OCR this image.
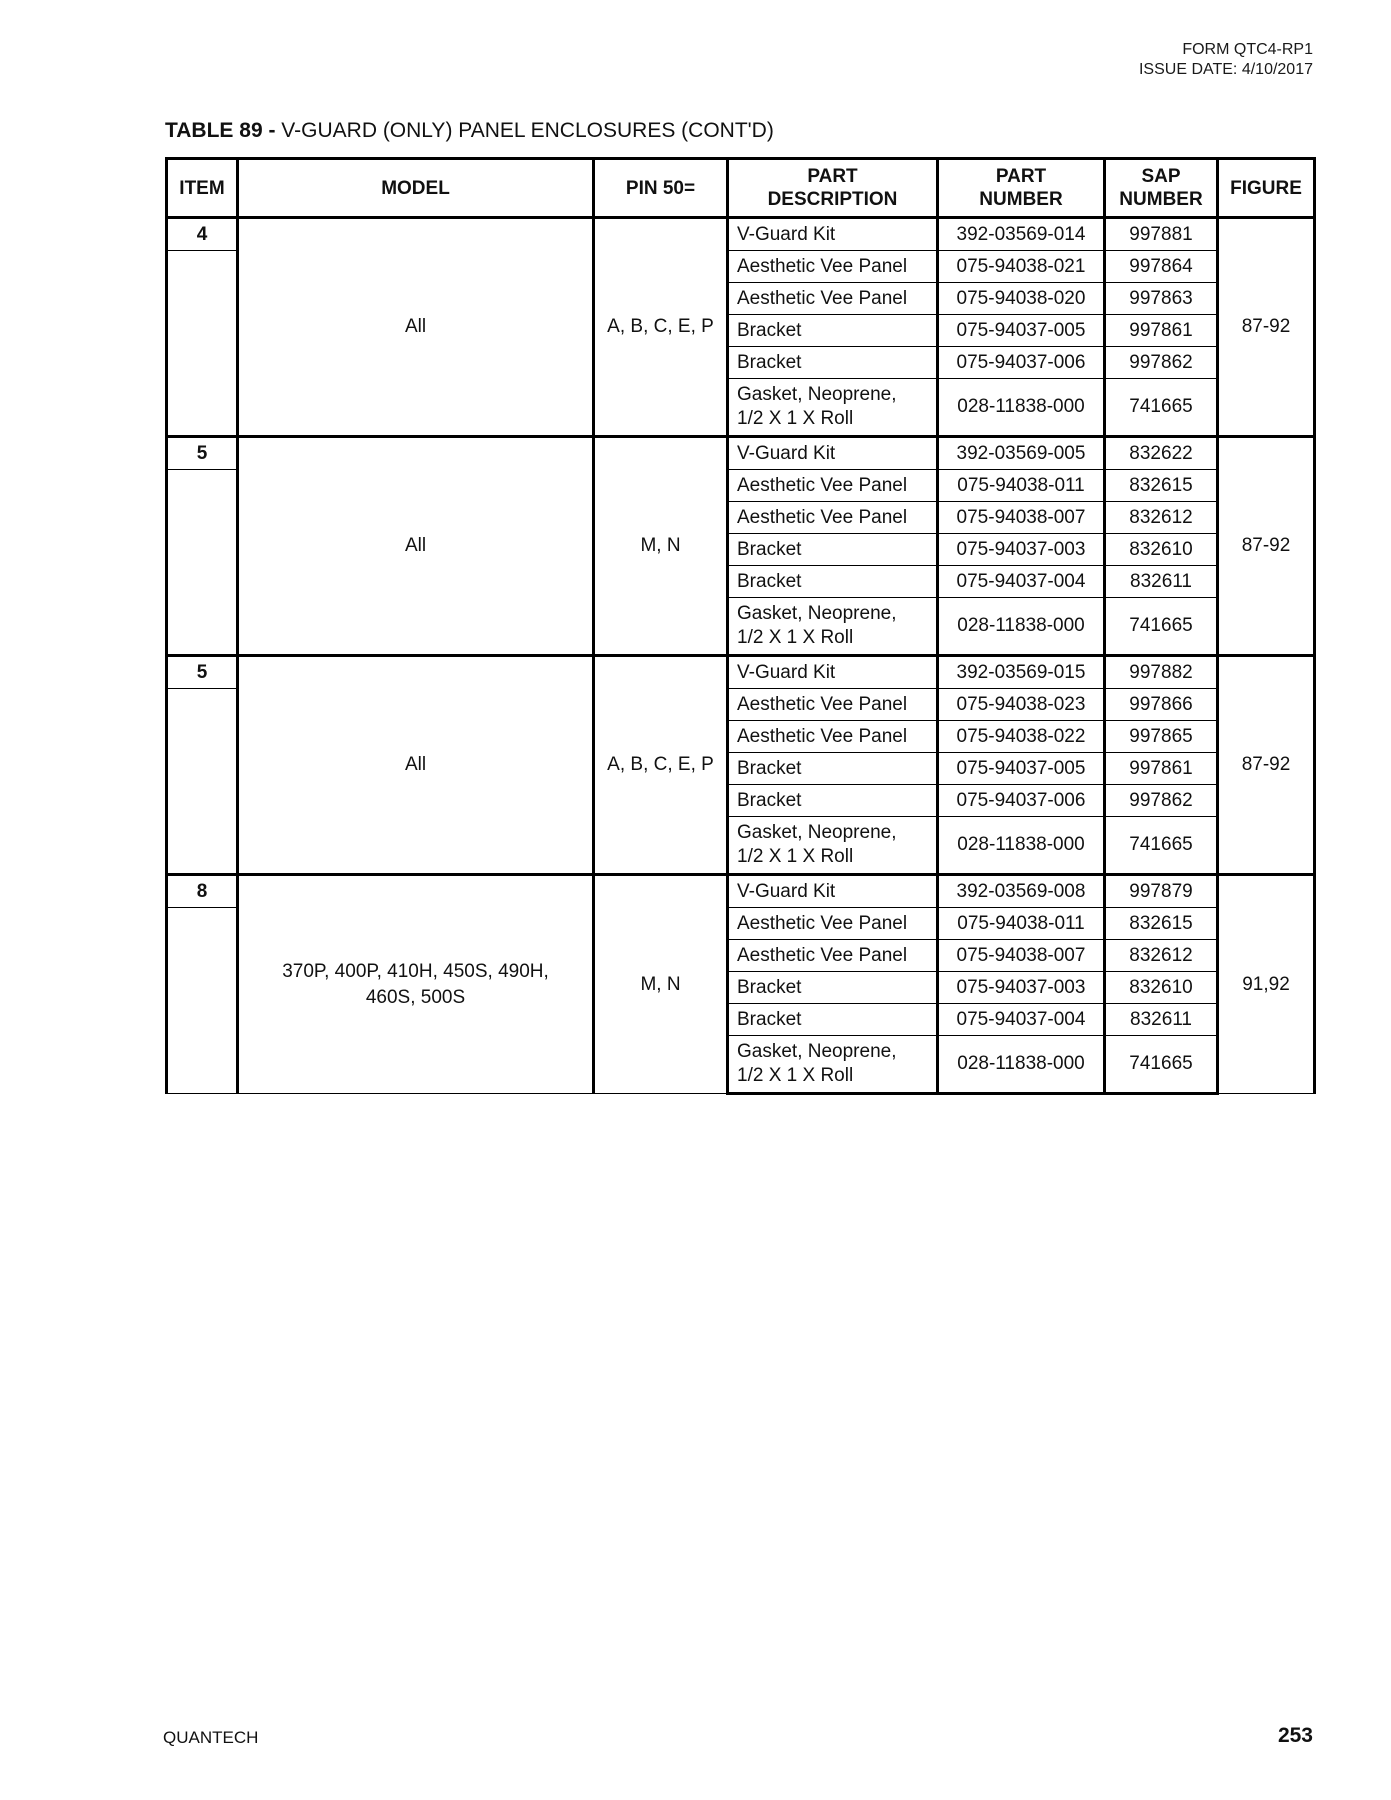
FORM QTC4-RP1
ISSUE DATE: 4/10/2017
TABLE 89 - V-GUARD (ONLY) PANEL ENCLOSURES (CONT'D)
ITEM	MODEL	PIN 50=	PART
DESCRIPTION	PART
NUMBER	SAP
NUMBER	FIGURE
4	All	A, B, C, E, P	V-Guard Kit	392-03569-014	997881	87-92
			Aesthetic Vee Panel	075-94038-021	997864	
			Aesthetic Vee Panel	075-94038-020	997863	
			Bracket	075-94037-005	997861	
			Bracket	075-94037-006	997862	
			Gasket, Neoprene,
1/2 X 1 X Roll	028-11838-000	741665	
5	All	M, N	V-Guard Kit	392-03569-005	832622	87-92
			Aesthetic Vee Panel	075-94038-011	832615	
			Aesthetic Vee Panel	075-94038-007	832612	
			Bracket	075-94037-003	832610	
			Bracket	075-94037-004	832611	
			Gasket, Neoprene,
1/2 X 1 X Roll	028-11838-000	741665	
5	All	A, B, C, E, P	V-Guard Kit	392-03569-015	997882	87-92
			Aesthetic Vee Panel	075-94038-023	997866	
			Aesthetic Vee Panel	075-94038-022	997865	
			Bracket	075-94037-005	997861	
			Bracket	075-94037-006	997862	
			Gasket, Neoprene,
1/2 X 1 X Roll	028-11838-000	741665	
8	370P, 400P, 410H, 450S, 490H,
460S, 500S	M, N	V-Guard Kit	392-03569-008	997879	91,92
			Aesthetic Vee Panel	075-94038-011	832615	
			Aesthetic Vee Panel	075-94038-007	832612	
			Bracket	075-94037-003	832610	
			Bracket	075-94037-004	832611	
			Gasket, Neoprene,
1/2 X 1 X Roll	028-11838-000	741665	
QUANTECH	253
